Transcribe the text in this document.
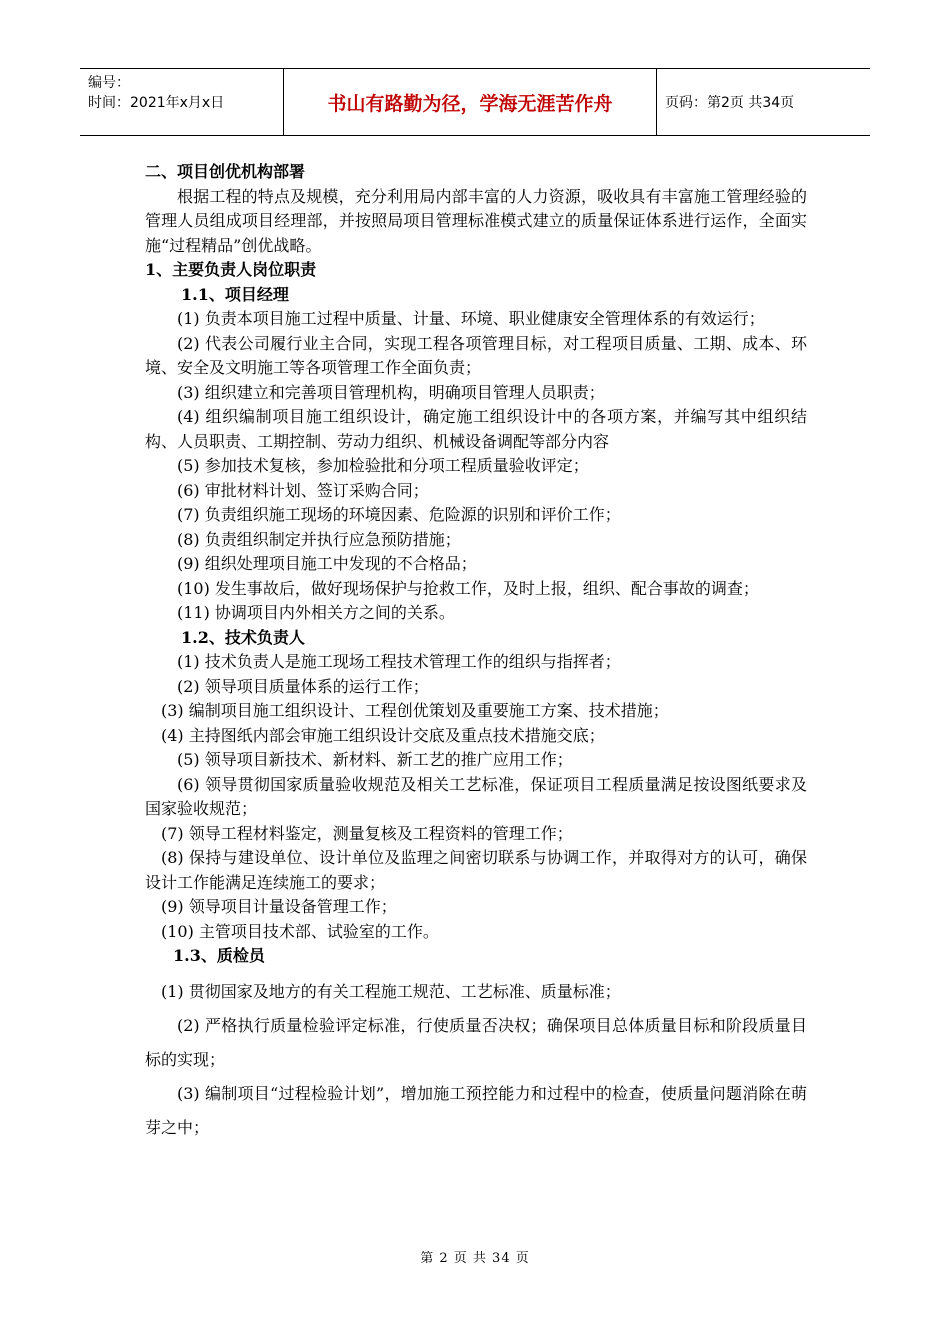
编号：
时间：2021年x月x日	书山有路勤为径，学海无涯苦作舟	页码：第2页 共34页
二、项目创优机构部署
根据工程的特点及规模，充分利用局内部丰富的人力资源，吸收具有丰富施工管理经验的管理人员组成项目经理部，并按照局项目管理标准模式建立的质量保证体系进行运作，全面实施“过程精品”创优战略。
1、主要负责人岗位职责
1.1、项目经理
(1) 负责本项目施工过程中质量、计量、环境、职业健康安全管理体系的有效运行；
(2) 代表公司履行业主合同，实现工程各项管理目标，对工程项目质量、工期、成本、环境、安全及文明施工等各项管理工作全面负责；
(3) 组织建立和完善项目管理机构，明确项目管理人员职责；
(4) 组织编制项目施工组织设计，确定施工组织设计中的各项方案，并编写其中组织结构、人员职责、工期控制、劳动力组织、机械设备调配等部分内容
(5) 参加技术复核，参加检验批和分项工程质量验收评定；
(6) 审批材料计划、签订采购合同；
(7) 负责组织施工现场的环境因素、危险源的识别和评价工作；
(8) 负责组织制定并执行应急预防措施；
(9) 组织处理项目施工中发现的不合格品；
(10) 发生事故后，做好现场保护与抢救工作，及时上报，组织、配合事故的调查；
(11) 协调项目内外相关方之间的关系。
1.2、技术负责人
(1) 技术负责人是施工现场工程技术管理工作的组织与指挥者；
(2) 领导项目质量体系的运行工作；
(3) 编制项目施工组织设计、工程创优策划及重要施工方案、技术措施；
(4) 主持图纸内部会审施工组织设计交底及重点技术措施交底；
(5) 领导项目新技术、新材料、新工艺的推广应用工作；
(6) 领导贯彻国家质量验收规范及相关工艺标准，保证项目工程质量满足按设图纸要求及国家验收规范；
(7) 领导工程材料鉴定，测量复核及工程资料的管理工作；
(8) 保持与建设单位、设计单位及监理之间密切联系与协调工作，并取得对方的认可，确保设计工作能满足连续施工的要求；
(9) 领导项目计量设备管理工作；
(10) 主管项目技术部、试验室的工作。
1.3、质检员
(1) 贯彻国家及地方的有关工程施工规范、工艺标准、质量标准；
(2) 严格执行质量检验评定标准，行使质量否决权；确保项目总体质量目标和阶段质量目标的实现；
(3) 编制项目“过程检验计划”，增加施工预控能力和过程中的检查，使质量问题消除在萌芽之中；
第 2 页 共 34 页
